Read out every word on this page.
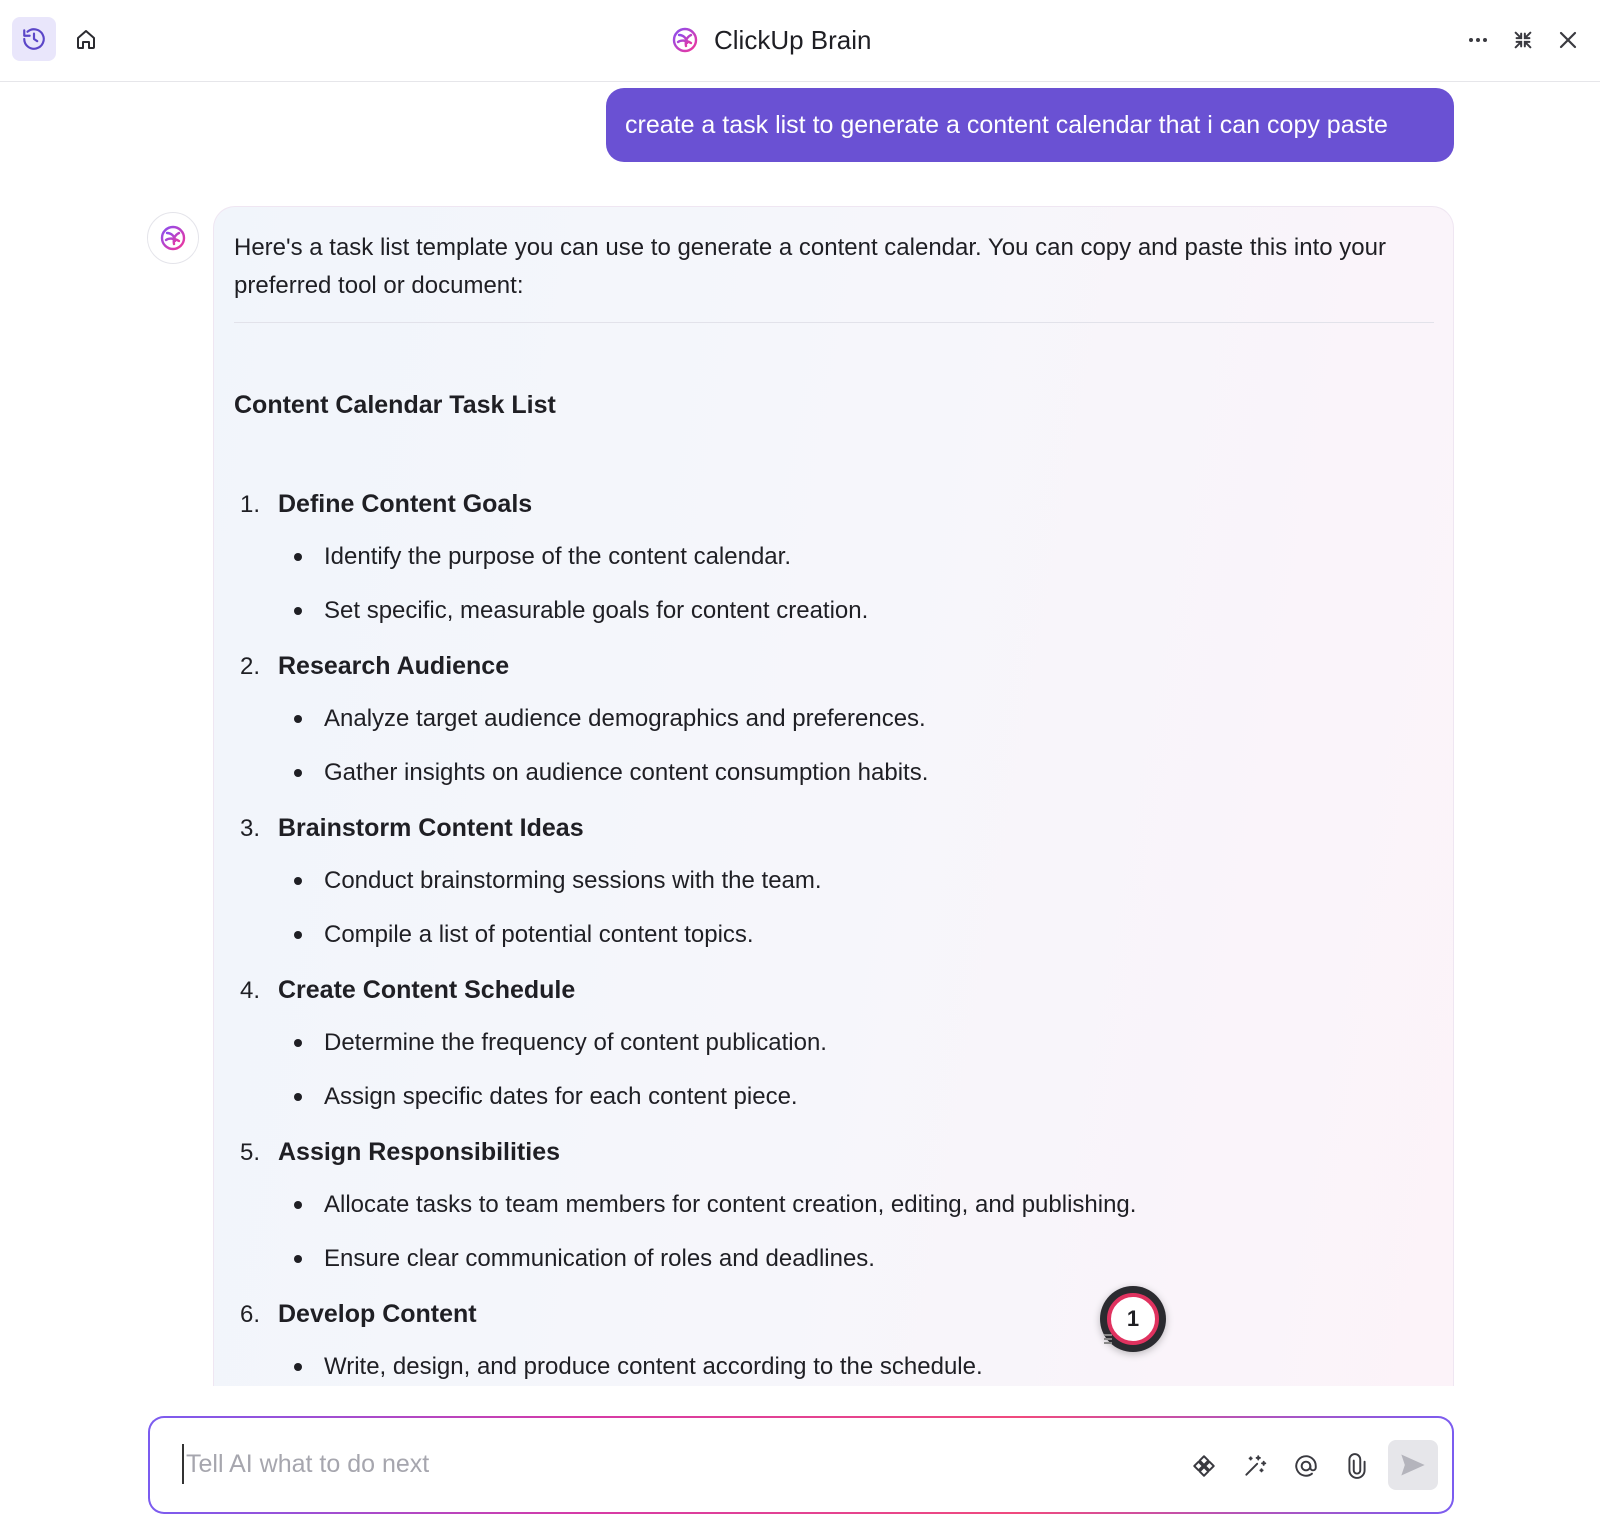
ClickUp Brain
create a task list to generate a content calendar that i can copy paste

Here's a task list template you can use to generate a content calendar. You can copy and paste this into your preferred tool or document:

Content Calendar Task List
1. Define Content Goals
Identify the purpose of the content calendar.
Set specific, measurable goals for content creation.
2. Research Audience
Analyze target audience demographics and preferences.
Gather insights on audience content consumption habits.
3. Brainstorm Content Ideas
Conduct brainstorming sessions with the team.
Compile a list of potential content topics.
4. Create Content Schedule
Determine the frequency of content publication.
Assign specific dates for each content piece.
5. Assign Responsibilities
Allocate tasks to team members for content creation, editing, and publishing.
Ensure clear communication of roles and deadlines.
6. Develop Content
Write, design, and produce content according to the schedule.
1
Tell AI what to do next
